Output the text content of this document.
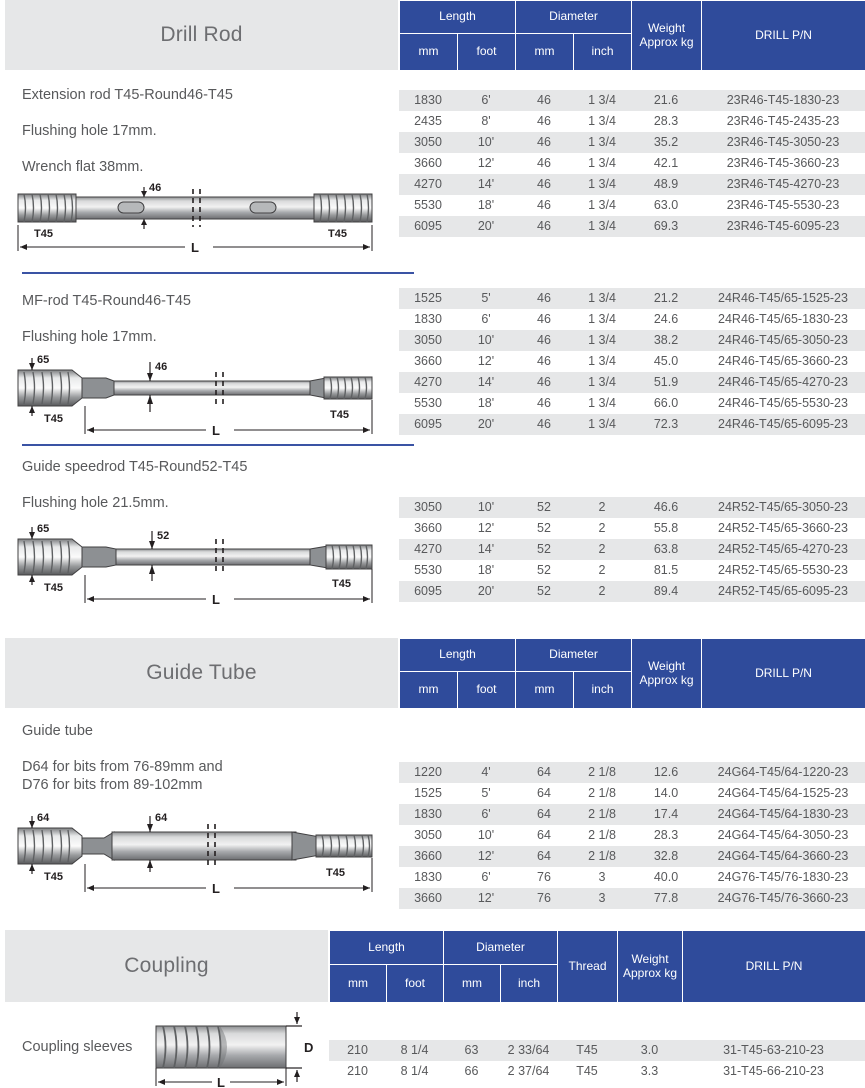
Drill Rod
Length		Diameter		Weight
Approx kg	DRILL P/N
mm	foot	mm	inch		

Extension rod T45-Round46-T45

Flushing hole 17mm.

Wrench flat 38mm.

46
T45	T45
L
1830	6'	46	1 3/4	21.6	23R46-T45-1830-23
2435	8'	46	1 3/4	28.3	23R46-T45-2435-23
3050	10'	46	1 3/4	35.2	23R46-T45-3050-23
3660	12'	46	1 3/4	42.1	23R46-T45-3660-23
4270	14'	46	1 3/4	48.9	23R46-T45-4270-23
5530	18'	46	1 3/4	63.0	23R46-T45-5530-23
6095	20'	46	1 3/4	69.3	23R46-T45-6095-23

MF-rod T45-Round46-T45

Flushing hole 17mm.

65
46
T45	T45
L
1525	5'	46	1 3/4	21.2	24R46-T45/65-1525-23
1830	6'	46	1 3/4	24.6	24R46-T45/65-1830-23
3050	10'	46	1 3/4	38.2	24R46-T45/65-3050-23
3660	12'	46	1 3/4	45.0	24R46-T45/65-3660-23
4270	14'	46	1 3/4	51.9	24R46-T45/65-4270-23
5530	18'	46	1 3/4	66.0	24R46-T45/65-5530-23
6095	20'	46	1 3/4	72.3	24R46-T45/65-6095-23

Guide speedrod T45-Round52-T45

Flushing hole 21.5mm.

65
52
T45	T45
L
3050	10'	52	2	46.6	24R52-T45/65-3050-23
3660	12'	52	2	55.8	24R52-T45/65-3660-23
4270	14'	52	2	63.8	24R52-T45/65-4270-23
5530	18'	52	2	81.5	24R52-T45/65-5530-23
6095	20'	52	2	89.4	24R52-T45/65-6095-23
Guide Tube
Length		Diameter		Weight
Approx kg	DRILL P/N
mm	foot	mm	inch		

Guide tube

D64 for bits from 76-89mm and

D76 for bits from 89-102mm

64	64
T45	T45
L
1220	4'	64	2 1/8	12.6	24G64-T45/64-1220-23
1525	5'	64	2 1/8	14.0	24G64-T45/64-1525-23
1830	6'	64	2 1/8	17.4	24G64-T45/64-1830-23
3050	10'	64	2 1/8	28.3	24G64-T45/64-3050-23
3660	12'	64	2 1/8	32.8	24G64-T45/64-3660-23
1830	6'	76	3	40.0	24G76-T45/76-1830-23
3660	12'	76	3	77.8	24G76-T45/76-3660-23
Coupling
Length		Diameter		Thread	Weight
Approx kg	DRILL P/N
mm	foot	mm	inch			

Coupling sleeves	D
L
210	8 1/4	63	2 33/64	T45	3.0	31-T45-63-210-23
210	8 1/4	66	2 37/64	T45	3.3	31-T45-66-210-23
